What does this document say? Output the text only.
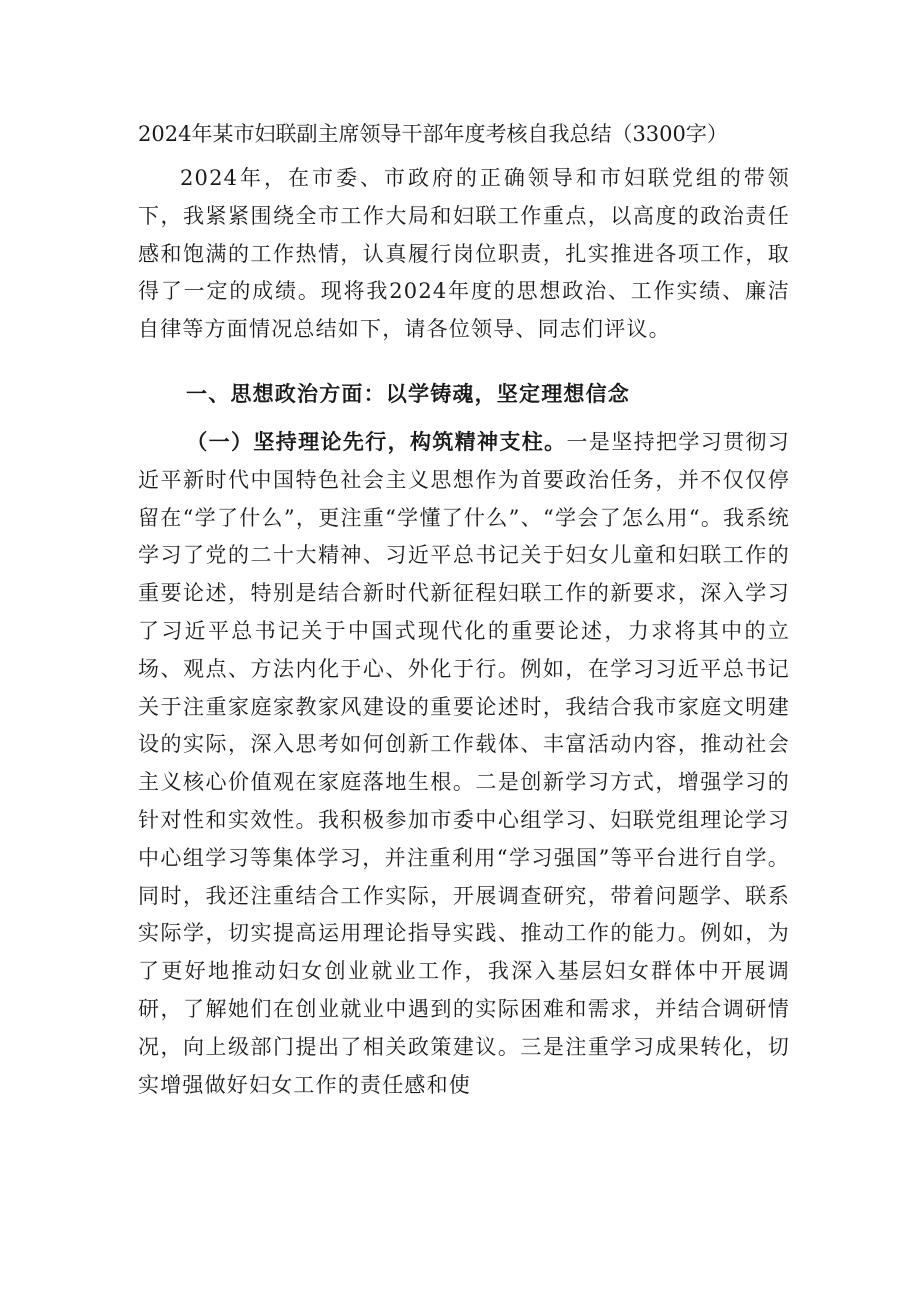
2024年某市妇联副主席领导干部年度考核自我总结（3300字）

2024年，在市委、市政府的正确领导和市妇联党组的带领下，我紧紧围绕全市工作大局和妇联工作重点，以高度的政治责任感和饱满的工作热情，认真履行岗位职责，扎实推进各项工作，取得了一定的成绩。现将我2024年度的思想政治、工作实绩、廉洁自律等方面情况总结如下，请各位领导、同志们评议。

一、思想政治方面：以学铸魂，坚定理想信念

（一）坚持理论先行，构筑精神支柱。一是坚持把学习贯彻习近平新时代中国特色社会主义思想作为首要政治任务，并不仅仅停留在“学了什么”，更注重“学懂了什么”、“学会了怎么用“。我系统学习了党的二十大精神、习近平总书记关于妇女儿童和妇联工作的重要论述，特别是结合新时代新征程妇联工作的新要求，深入学习了习近平总书记关于中国式现代化的重要论述，力求将其中的立场、观点、方法内化于心、外化于行。例如，在学习习近平总书记关于注重家庭家教家风建设的重要论述时，我结合我市家庭文明建设的实际，深入思考如何创新工作载体、丰富活动内容，推动社会主义核心价值观在家庭落地生根。二是创新学习方式，增强学习的针对性和实效性。我积极参加市委中心组学习、妇联党组理论学习中心组学习等集体学习，并注重利用“学习强国”等平台进行自学。同时，我还注重结合工作实际，开展调查研究，带着问题学、联系实际学，切实提高运用理论指导实践、推动工作的能力。例如，为了更好地推动妇女创业就业工作，我深入基层妇女群体中开展调研，了解她们在创业就业中遇到的实际困难和需求，并结合调研情况，向上级部门提出了相关政策建议。三是注重学习成果转化，切实增强做好妇女工作的责任感和使
